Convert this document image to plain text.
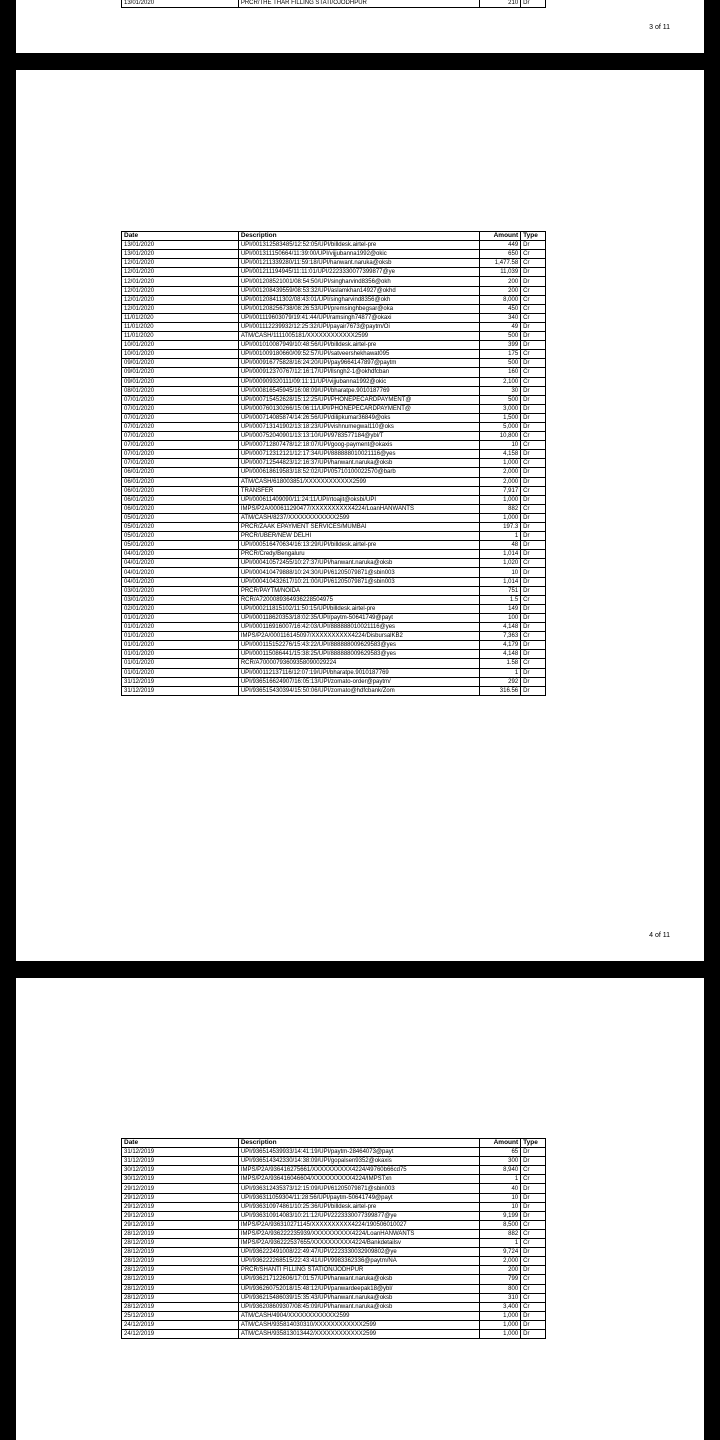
13/01/2020	PRCR/THE THAR FILLING STATI/OJODHPUR	210	Dr
3 of 11
Date	Description	Amount	Type
13/01/2020	UPI/001312583485/12:52:05/UPI/billdesk.airtel-pre	449	Dr
13/01/2020	UPI/001311150664/11:39:00/UPI/vijjubanna1992@okic	650	Cr
12/01/2020	UPI/001211339280/11:59:18/UPI/hanwant.naruka@oksb	1,477.58	Cr
12/01/2020	UPI/001211194945/11:11:01/UPI/2223330077399877@ye	11,039	Dr
12/01/2020	UPI/001208521001/08:54:50/UPI/singharvind8356@okh	200	Dr
12/01/2020	UPI/001208439559/08:53:32/UPI/aslamkhan14927@okhd	200	Cr
12/01/2020	UPI/001208411302/08:43:01/UPI/singharvind8356@okh	8,000	Cr
12/01/2020	UPI/001208256738/08:26:53/UPI/premsinghbegsar@oka	450	Cr
11/01/2020	UPI/001119603079/19:41:44/UPI/ramsingh74877@okaxi	340	Cr
11/01/2020	UPI/001112239932/12:25:32/UPI/payair7673@paytm/Oi	49	Dr
11/01/2020	ATM/CASH/1111005181/XXXXXXXXXXXX2599	500	Dr
10/01/2020	UPI/001010087949/10:48:56/UPI/billdesk.airtel-pre	399	Dr
10/01/2020	UPI/001009180660/09:52:57/UPI/satveershekhawat095	175	Cr
09/01/2020	UPI/000916775828/16:24:20/UPI/pay9664147897@paytm	500	Dr
09/01/2020	UPI/000912370767/12:16:17/UPI/llsngh2-1@okhdfcban	160	Cr
09/01/2020	UPI/000909320111/09:11:11/UPI/vijjubanna1992@okic	2,100	Cr
08/01/2020	UPI/000816545945/16:08:09/UPI/bharatpe.9010187769	30	Dr
07/01/2020	UPI/000715452628/15:12:25/UPI/PHONEPECARDPAYMENT@	500	Dr
07/01/2020	UPI/000760130266/15:06:11/UPI/PHONEPECARDPAYMENT@	3,000	Dr
07/01/2020	UPI/000714085874/14:26:56/UPI/dilipkumar36849@oks	1,500	Dr
07/01/2020	UPI/000713141902/13:18:23/UPI/vishnumegwal110@oks	5,000	Dr
07/01/2020	UPI/000752040901/13:13:10/UPI/9783577184@ybl/T	10,800	Cr
07/01/2020	UPI/000712807478/12:18:07/UPI/goog-payment@okaxis	10	Cr
07/01/2020	UPI/000712312121/12:17:34/UPI/888888010021116@yes	4,158	Dr
07/01/2020	UPI/000712544823/12:16:37/UPI/hanwant.naruka@oksb	1,000	Cr
06/01/2020	UPI/000618619583/18:52:02/UPI/05710100022570@barb	2,000	Dr
06/01/2020	ATM/CASH/618003851/XXXXXXXXXXXX2599	2,000	Dr
06/01/2020	TRANSFER	7,917	Cr
06/01/2020	UPI/000611409090/11:24:11/UPI/rtoajit@oksbi/UPI	1,000	Dr
06/01/2020	IMPS/P2A/000611290477/XXXXXXXXXX4224/LoanHANWANTS	882	Cr
05/01/2020	ATM/CASH/8237/XXXXXXXXXXXX2599	1,000	Dr
05/01/2020	PRCR/ZAAK EPAYMENT SERVICES/MUMBAI	197.3	Dr
05/01/2020	PRCR/UBER/NEW DELHI	1	Dr
05/01/2020	UPI/000516470634/16:13:29/UPI/billdesk.airtel-pre	48	Dr
04/01/2020	PRCR/Credy/Bengaluru	1,014	Dr
04/01/2020	UPI/000410572455/10:27:37/UPI/hanwant.naruka@oksb	1,020	Cr
04/01/2020	UPI/000410479888/10:24:30/UPI/61205079871@sbin003	10	Dr
04/01/2020	UPI/000410432617/10:21:00/UPI/61205079871@sbin003	1,014	Dr
03/01/2020	PRCR/PAYTM/NOIDA	751	Dr
03/01/2020	RCR/A720008936493622850497​5	1.5	Cr
02/01/2020	UPI/000211815102/11:50:15/UPI/billdesk.airtel-pre	149	Dr
01/01/2020	UPI/000118620353/18:02:35/UPI/paytm-50641749@payt	100	Dr
01/01/2020	UPI/000116916007/16:42:03/UPI/888888010021116@yes	4,148	Dr
01/01/2020	IMPS/P2A/000116145097/XXXXXXXXXX4224/DisbursalKB2	7,363	Cr
01/01/2020	UPI/000115152276/15:43:22/UPI/888888009629583@yes	4,179	Dr
01/01/2020	UPI/000115086441/15:38:25/UPI/888888009629583@yes	4,148	Dr
01/01/2020	RCR/A700007936093580900292​24	1.58	Cr
01/01/2020	UPI/000112137116/12:07:19/UPI/bharatpe.9010187769	1	Dr
31/12/2019	UPI/936516624907/16:05:13/UPI/zomato-order@paytm/	292	Dr
31/12/2019	UPI/936515430394/15:50:06/UPI/zomato@hdfcbank/Zom	316.56	Dr
4 of 11
Date	Description	Amount	Type
31/12/2019	UPI/936514539933/14:41:19/UPI/paytm-28464073@payt	65	Dr
31/12/2019	UPI/936514342330/14:38:09/UPI/gopalsen9352@okaxis	300	Dr
30/12/2019	IMPS/P2A/936416275661/XXXXXXXXXX4224/49760b66cd75	8,940	Cr
30/12/2019	IMPS/P2A/936416046604/XXXXXXXXXX4224/IMPSTxn	1	Cr
29/12/2019	UPI/936312435373/12:15:09/UPI/61205079871@sbin003	40	Dr
29/12/2019	UPI/936311059304/11:28:56/UPI/paytm-50641749@payt	10	Dr
29/12/2019	UPI/936310974861/10:25:36/UPI/billdesk.airtel-pre	10	Dr
29/12/2019	UPI/936310914083/10:21:12/UPI/2223330077399877@ye	9,199	Dr
29/12/2019	IMPS/P2A/936310271145/XXXXXXXXXX4224/190506010027	8,500	Cr
28/12/2019	IMPS/P2A/936222235939/XXXXXXXXXX4224/LoanHANWANTS	882	Cr
28/12/2019	IMPS/P2A/936222537655/XXXXXXXXXX4224/Bankdetailsv	1	Cr
28/12/2019	UPI/936222491008/22:49:47/UPI/2223330032909802@ye	9,724	Dr
28/12/2019	UPI/936222268515/22:43:41/UPI/9983362336@paytm/NA	2,000	Cr
28/12/2019	PRCR/SHANTI FILLING STATION/JODHPUR	200	Dr
28/12/2019	UPI/936217122606/17:01:57/UPI/hanwant.naruka@oksb	799	Cr
28/12/2019	UPI/936260752018/15:48:12/UPI/panwardeepak18@ybl/	800	Cr
28/12/2019	UPI/936215486039/15:35:43/UPI/hanwant.naruka@oksb	310	Cr
28/12/2019	UPI/936208609307/08:45:09/UPI/hanwant.naruka@oksb	3,400	Cr
25/12/2019	ATM/CASH/4904/XXXXXXXXXXXX2599	1,000	Dr
24/12/2019	ATM/CASH/935814030310/XXXXXXXXXXXX2599	1,000	Dr
24/12/2019	ATM/CASH/935813013442/XXXXXXXXXXXX2599	1,000	Dr
